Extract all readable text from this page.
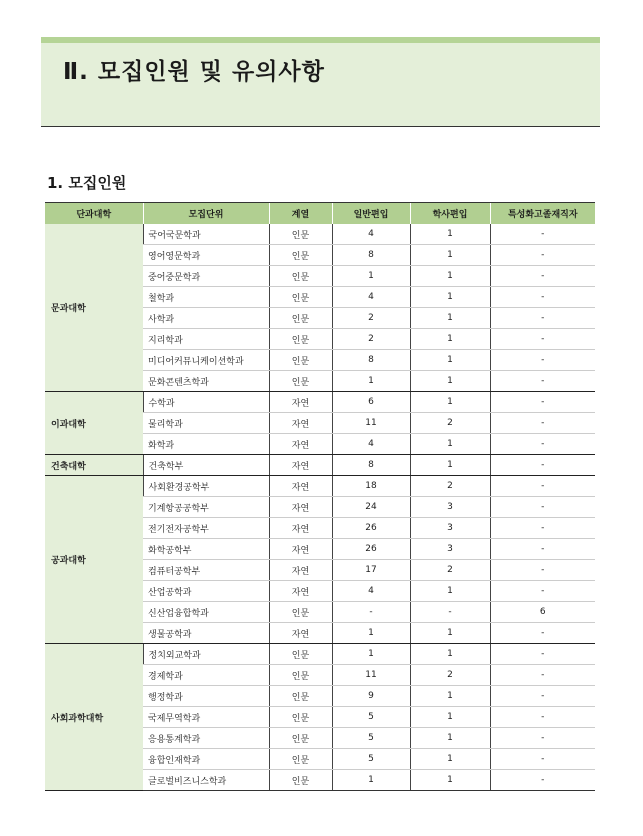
Ⅱ. 모집인원 및 유의사항
1. 모집인원
단과대학	모집단위	계열	일반편입	학사편입	특성화고졸재직자
문과대학	국어국문학과	인문	4	1	-
	영어영문학과	인문	8	1	-
	중어중문학과	인문	1	1	-
	철학과	인문	4	1	-
	사학과	인문	2	1	-
	지리학과	인문	2	1	-
	미디어커뮤니케이션학과	인문	8	1	-
	문화콘텐츠학과	인문	1	1	-
이과대학	수학과	자연	6	1	-
	물리학과	자연	11	2	-
	화학과	자연	4	1	-
건축대학	건축학부	자연	8	1	-
공과대학	사회환경공학부	자연	18	2	-
	기계항공공학부	자연	24	3	-
	전기전자공학부	자연	26	3	-
	화학공학부	자연	26	3	-
	컴퓨터공학부	자연	17	2	-
	산업공학과	자연	4	1	-
	신산업융합학과	인문	-	-	6
	생물공학과	자연	1	1	-
사회과학대학	정치외교학과	인문	1	1	-
	경제학과	인문	11	2	-
	행정학과	인문	9	1	-
	국제무역학과	인문	5	1	-
	응용통계학과	인문	5	1	-
	융합인재학과	인문	5	1	-
	글로벌비즈니스학과	인문	1	1	-
